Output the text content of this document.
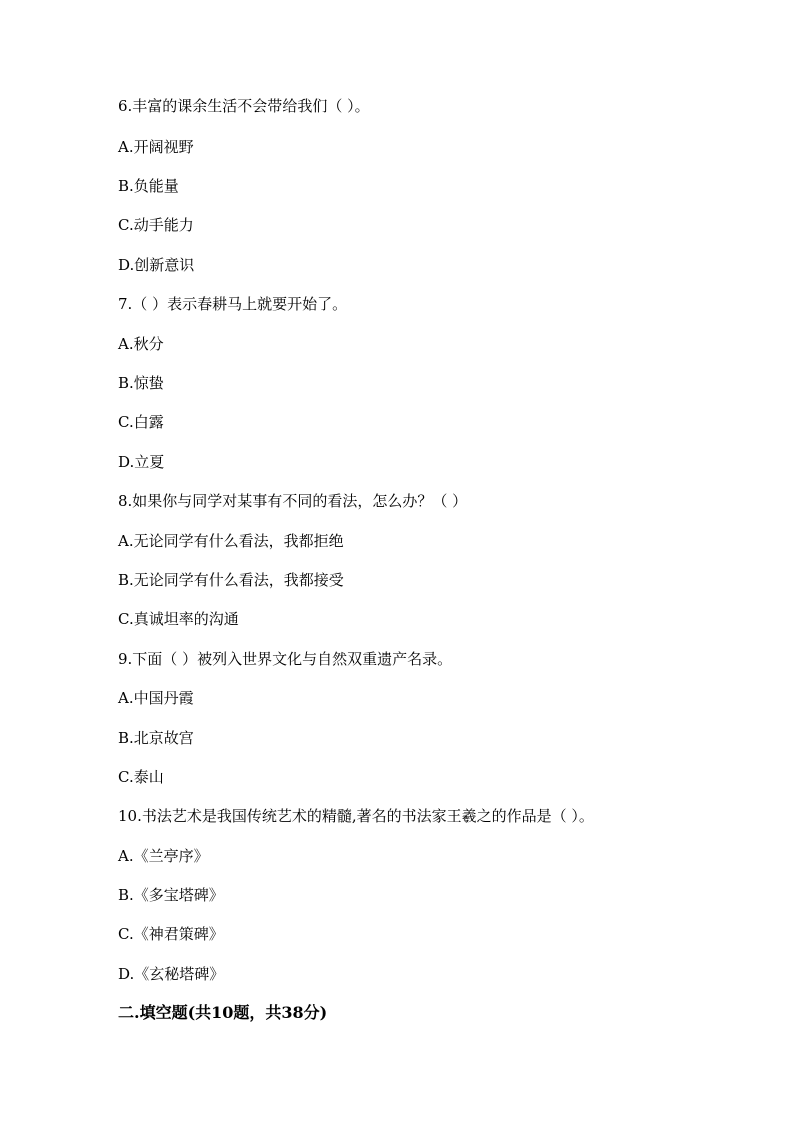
6.丰富的课余生活不会带给我们（ ）。
A.开阔视野
B.负能量
C.动手能力
D.创新意识
7.（ ）表示春耕马上就要开始了。
A.秋分
B.惊蛰
C.白露
D.立夏
8.如果你与同学对某事有不同的看法，怎么办？（ ）
A.无论同学有什么看法，我都拒绝
B.无论同学有什么看法，我都接受
C.真诚坦率的沟通
9.下面（ ）被列入世界文化与自然双重遗产名录。
A.中国丹霞
B.北京故宫
C.泰山
10.书法艺术是我国传统艺术的精髓,著名的书法家王羲之的作品是（ ）。
A.《兰亭序》
B.《多宝塔碑》
C.《神君策碑》
D.《玄秘塔碑》
二.填空题(共10题，共38分)
